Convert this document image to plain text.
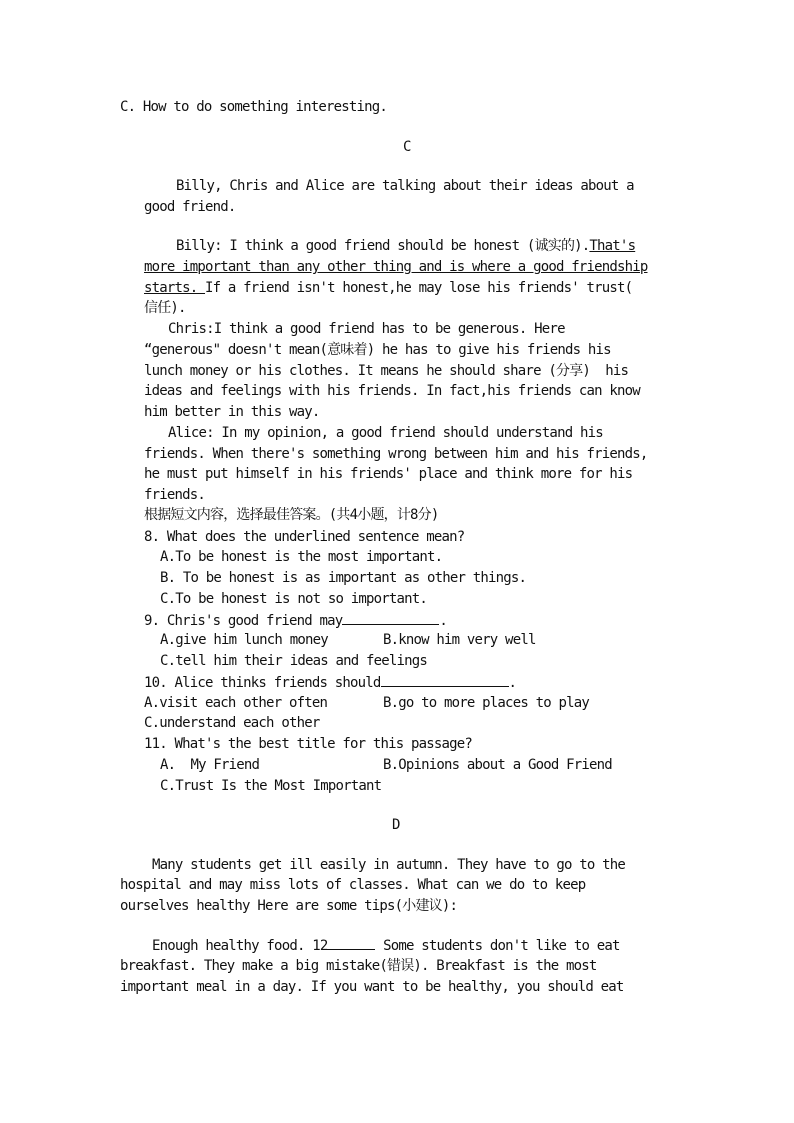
C. How to do something interesting.
C
Billy, Chris and Alice are talking about their ideas about a
good friend.
Billy: I think a good friend should be honest (诚实的).That's
more important than any other thing and is where a good friendship
starts. If a friend isn't honest,he may lose his friends' trust(
信任).
Chris:I think a good friend has to be generous. Here
“generous" doesn't mean(意味着) he has to give his friends his
lunch money or his clothes. It means he should share (分享)  his
ideas and feelings with his friends. In fact,his friends can know
him better in this way.
Alice: In my opinion, a good friend should understand his
friends. When there's something wrong between him and his friends,
he must put himself in his friends' place and think more for his
friends.
根据短文内容，选择最佳答案。(共4小题，计8分)
8. What does the underlined sentence mean?
A.To be honest is the most important.
B. To be honest is as important as other things.
C.To be honest is not so important.
9. Chris's good friend may	.
A.give him lunch money	B.know him very well
C.tell him their ideas and feelings
10. Alice thinks friends should	.
A.visit each other often	B.go to more places to play
C.understand each other
11. What's the best title for this passage?
A.  My Friend	B.Opinions about a Good Friend
C.Trust Is the Most Important
D
Many students get ill easily in autumn. They have to go to the
hospital and may miss lots of classes. What can we do to keep
ourselves healthy Here are some tips(小建议):
Enough healthy food. 12	Some students don't like to eat
breakfast. They make a big mistake(错误). Breakfast is the most
important meal in a day. If you want to be healthy, you should eat
